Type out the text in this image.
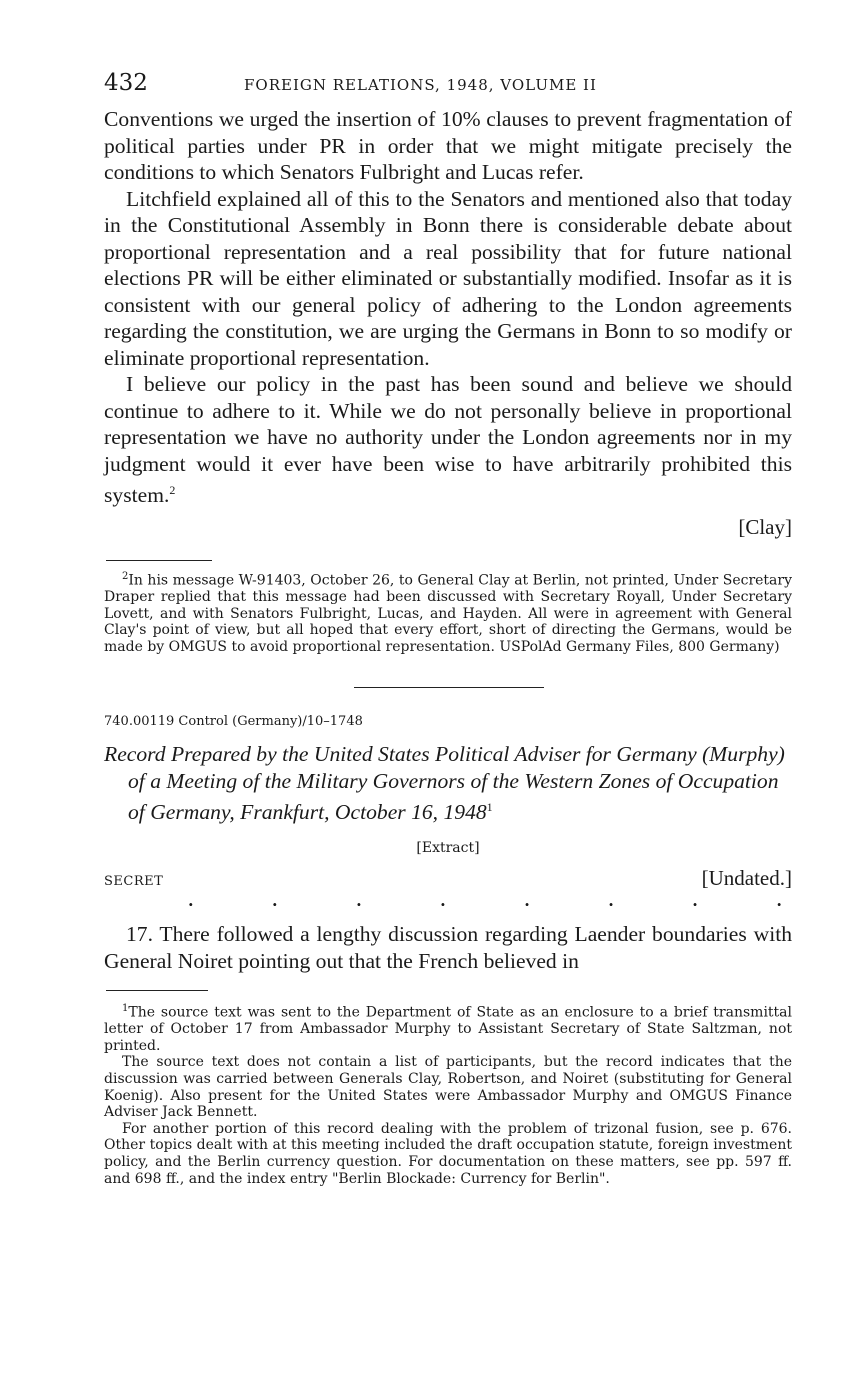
432	FOREIGN RELATIONS, 1948, VOLUME II

Conventions we urged the insertion of 10% clauses to prevent fragmentation of political parties under PR in order that we might mitigate precisely the conditions to which Senators Fulbright and Lucas refer.

Litchfield explained all of this to the Senators and mentioned also that today in the Constitutional Assembly in Bonn there is considerable debate about proportional representation and a real possibility that for future national elections PR will be either eliminated or substantially modified. Insofar as it is consistent with our general policy of adhering to the London agreements regarding the constitution, we are urging the Germans in Bonn to so modify or eliminate proportional representation.

I believe our policy in the past has been sound and believe we should continue to adhere to it. While we do not personally believe in proportional representation we have no authority under the London agreements nor in my judgment would it ever have been wise to have arbitrarily prohibited this system.$^2$

[Clay]

$^2$In his message W-91403, October 26, to General Clay at Berlin, not printed, Under Secretary Draper replied that this message had been discussed with Secretary Royall, Under Secretary Lovett, and with Senators Fulbright, Lucas, and Hayden. All were in agreement with General Clay's point of view, but all hoped that every effort, short of directing the Germans, would be made by OMGUS to avoid proportional representation. USPolAd Germany Files, 800 Germany)

740.00119 Control (Germany)/10–1748
Record Prepared by the United States Political Adviser for Germany (Murphy) of a Meeting of the Military Governors of the Western Zones of Occupation of Germany, Frankfurt, October 16, 1948$^1$
[Extract]
SECRET	[Undated.]
.	.	.	.	.	.	.	.

17. There followed a lengthy discussion regarding Laender boundaries with General Noiret pointing out that the French believed in

$^1$The source text was sent to the Department of State as an enclosure to a brief transmittal letter of October 17 from Ambassador Murphy to Assistant Secretary of State Saltzman, not printed.

The source text does not contain a list of participants, but the record indicates that the discussion was carried between Generals Clay, Robertson, and Noiret (substituting for General Koenig). Also present for the United States were Ambassador Murphy and OMGUS Finance Adviser Jack Bennett.

For another portion of this record dealing with the problem of trizonal fusion, see p. 676. Other topics dealt with at this meeting included the draft occupation statute, foreign investment policy, and the Berlin currency question. For documentation on these matters, see pp. 597 ff. and 698 ff., and the index entry "Berlin Blockade: Currency for Berlin".
